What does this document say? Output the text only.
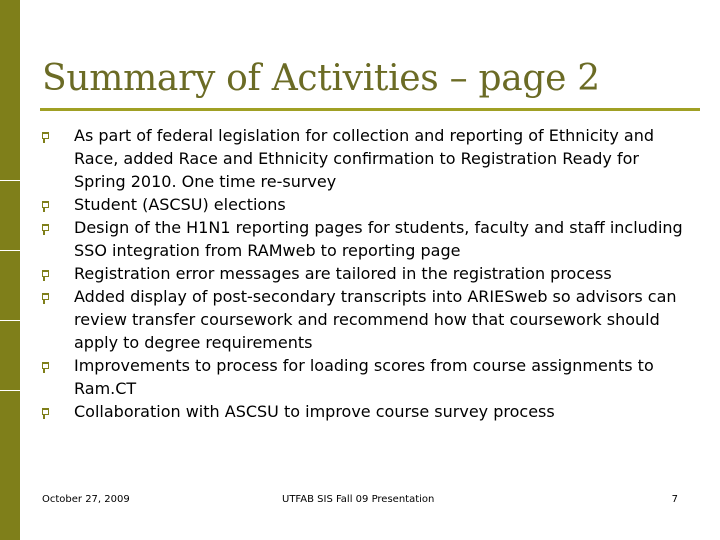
Summary of Activities – page 2
As part of federal legislation for collection and reporting of Ethnicity and Race, added Race and Ethnicity confirmation to Registration Ready for Spring 2010. One time re-survey
Student (ASCSU) elections
Design of the H1N1 reporting pages for students, faculty and staff including SSO integration from RAMweb to reporting page
Registration error messages are tailored in the registration process
Added display of post-secondary transcripts into ARIESweb so advisors can review transfer coursework and recommend how that coursework should apply to degree requirements
Improvements to process for loading scores from course assignments to Ram.CT
Collaboration with ASCSU to improve course survey process
October 27, 2009	UTFAB SIS Fall 09 Presentation	7
